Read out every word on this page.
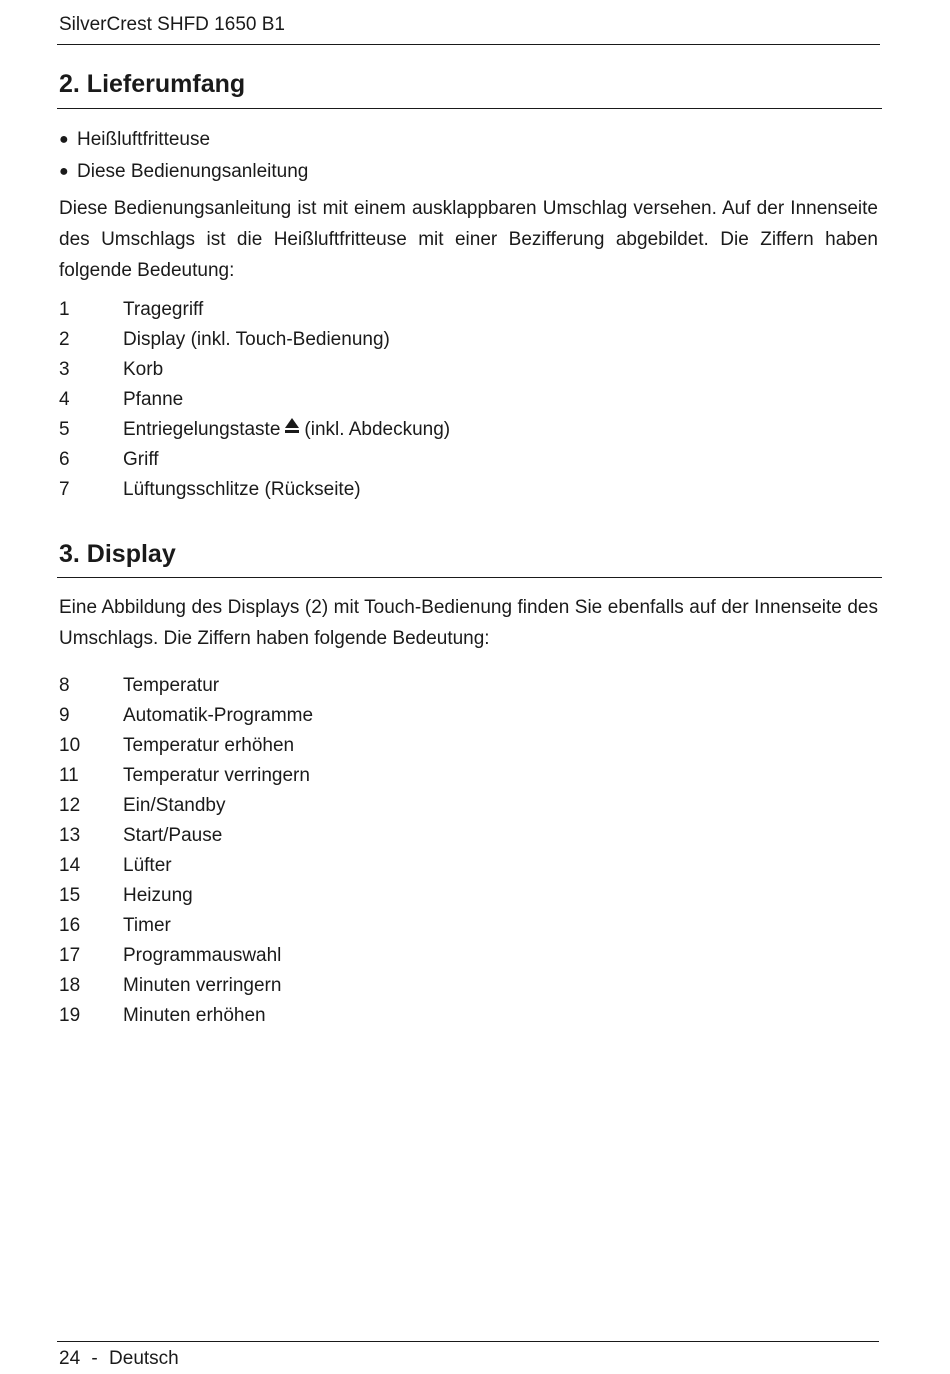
SilverCrest SHFD 1650 B1
2. Lieferumfang
● Heißluftfritteuse
● Diese Bedienungsanleitung

Diese Bedienungsanleitung ist mit einem ausklappbaren Umschlag versehen. Auf der Innenseite des Umschlags ist die Heißluftfritteuse mit einer Bezifferung abgebildet. Die Ziffern haben folgende Bedeutung:

1	Tragegriff
2	Display (inkl. Touch-Bedienung)
3	Korb
4	Pfanne
5	Entriegelungstaste (inkl. Abdeckung)
6	Griff
7	Lüftungsschlitze (Rückseite)
3. Display

Eine Abbildung des Displays (2) mit Touch-Bedienung finden Sie ebenfalls auf der Innenseite des Umschlags. Die Ziffern haben folgende Bedeutung:

8	Temperatur
9	Automatik-Programme
10	Temperatur erhöhen
11	Temperatur verringern
12	Ein/Standby
13	Start/Pause
14	Lüfter
15	Heizung
16	Timer
17	Programmauswahl
18	Minuten verringern
19	Minuten erhöhen
24 - Deutsch
